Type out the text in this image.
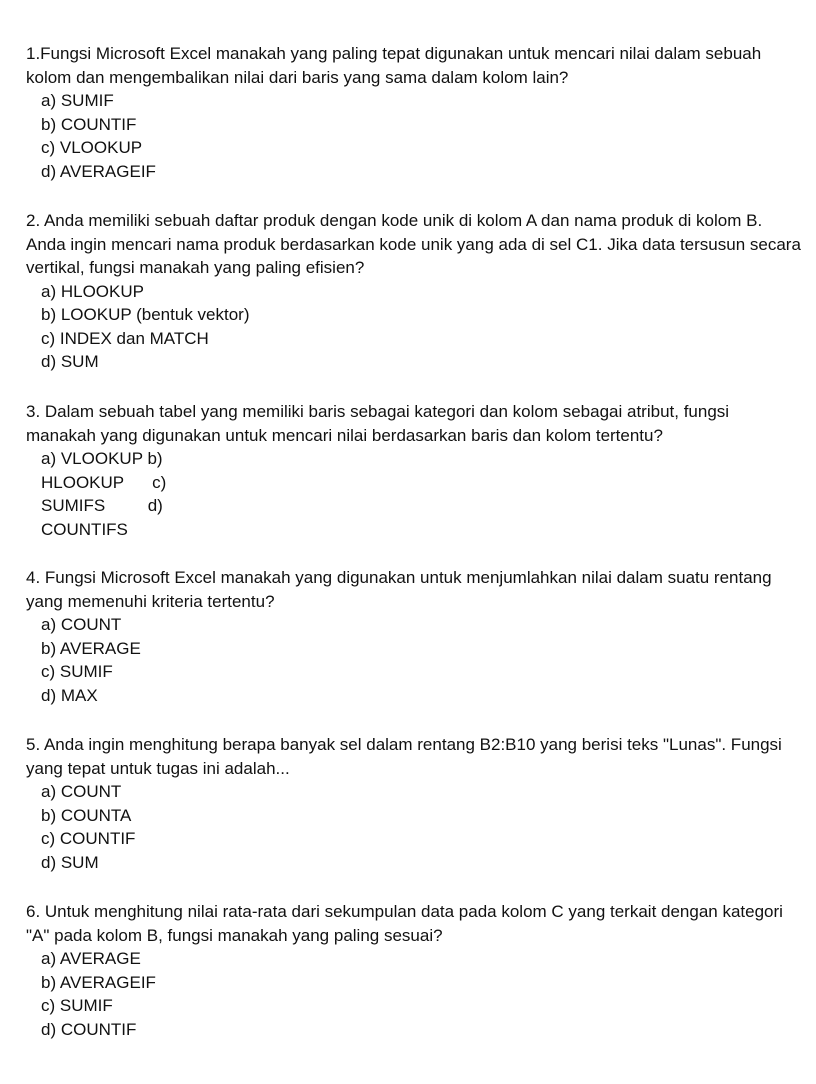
1.Fungsi Microsoft Excel manakah yang paling tepat digunakan untuk mencari nilai dalam sebuah kolom dan mengembalikan nilai dari baris yang sama dalam kolom lain?

a) SUMIF
b) COUNTIF
c) VLOOKUP
d) AVERAGEIF

2. Anda memiliki sebuah daftar produk dengan kode unik di kolom A dan nama produk di kolom B. Anda ingin mencari nama produk berdasarkan kode unik yang ada di sel C1. Jika data tersusun secara vertikal, fungsi manakah yang paling efisien?

a) HLOOKUP
b) LOOKUP (bentuk vektor)
c) INDEX dan MATCH
d) SUM

3. Dalam sebuah tabel yang memiliki baris sebagai kategori dan kolom sebagai atribut, fungsi manakah yang digunakan untuk mencari nilai berdasarkan baris dan kolom tertentu?

a) VLOOKUP b)
HLOOKUP      c)
SUMIFS         d)
COUNTIFS

4. Fungsi Microsoft Excel manakah yang digunakan untuk menjumlahkan nilai dalam suatu rentang yang memenuhi kriteria tertentu?

a) COUNT
b) AVERAGE
c) SUMIF
d) MAX

5. Anda ingin menghitung berapa banyak sel dalam rentang B2:B10 yang berisi teks "Lunas". Fungsi yang tepat untuk tugas ini adalah...

a) COUNT
b) COUNTA
c) COUNTIF
d) SUM

6. Untuk menghitung nilai rata-rata dari sekumpulan data pada kolom C yang terkait dengan kategori "A" pada kolom B, fungsi manakah yang paling sesuai?

a) AVERAGE
b) AVERAGEIF
c) SUMIF
d) COUNTIF
